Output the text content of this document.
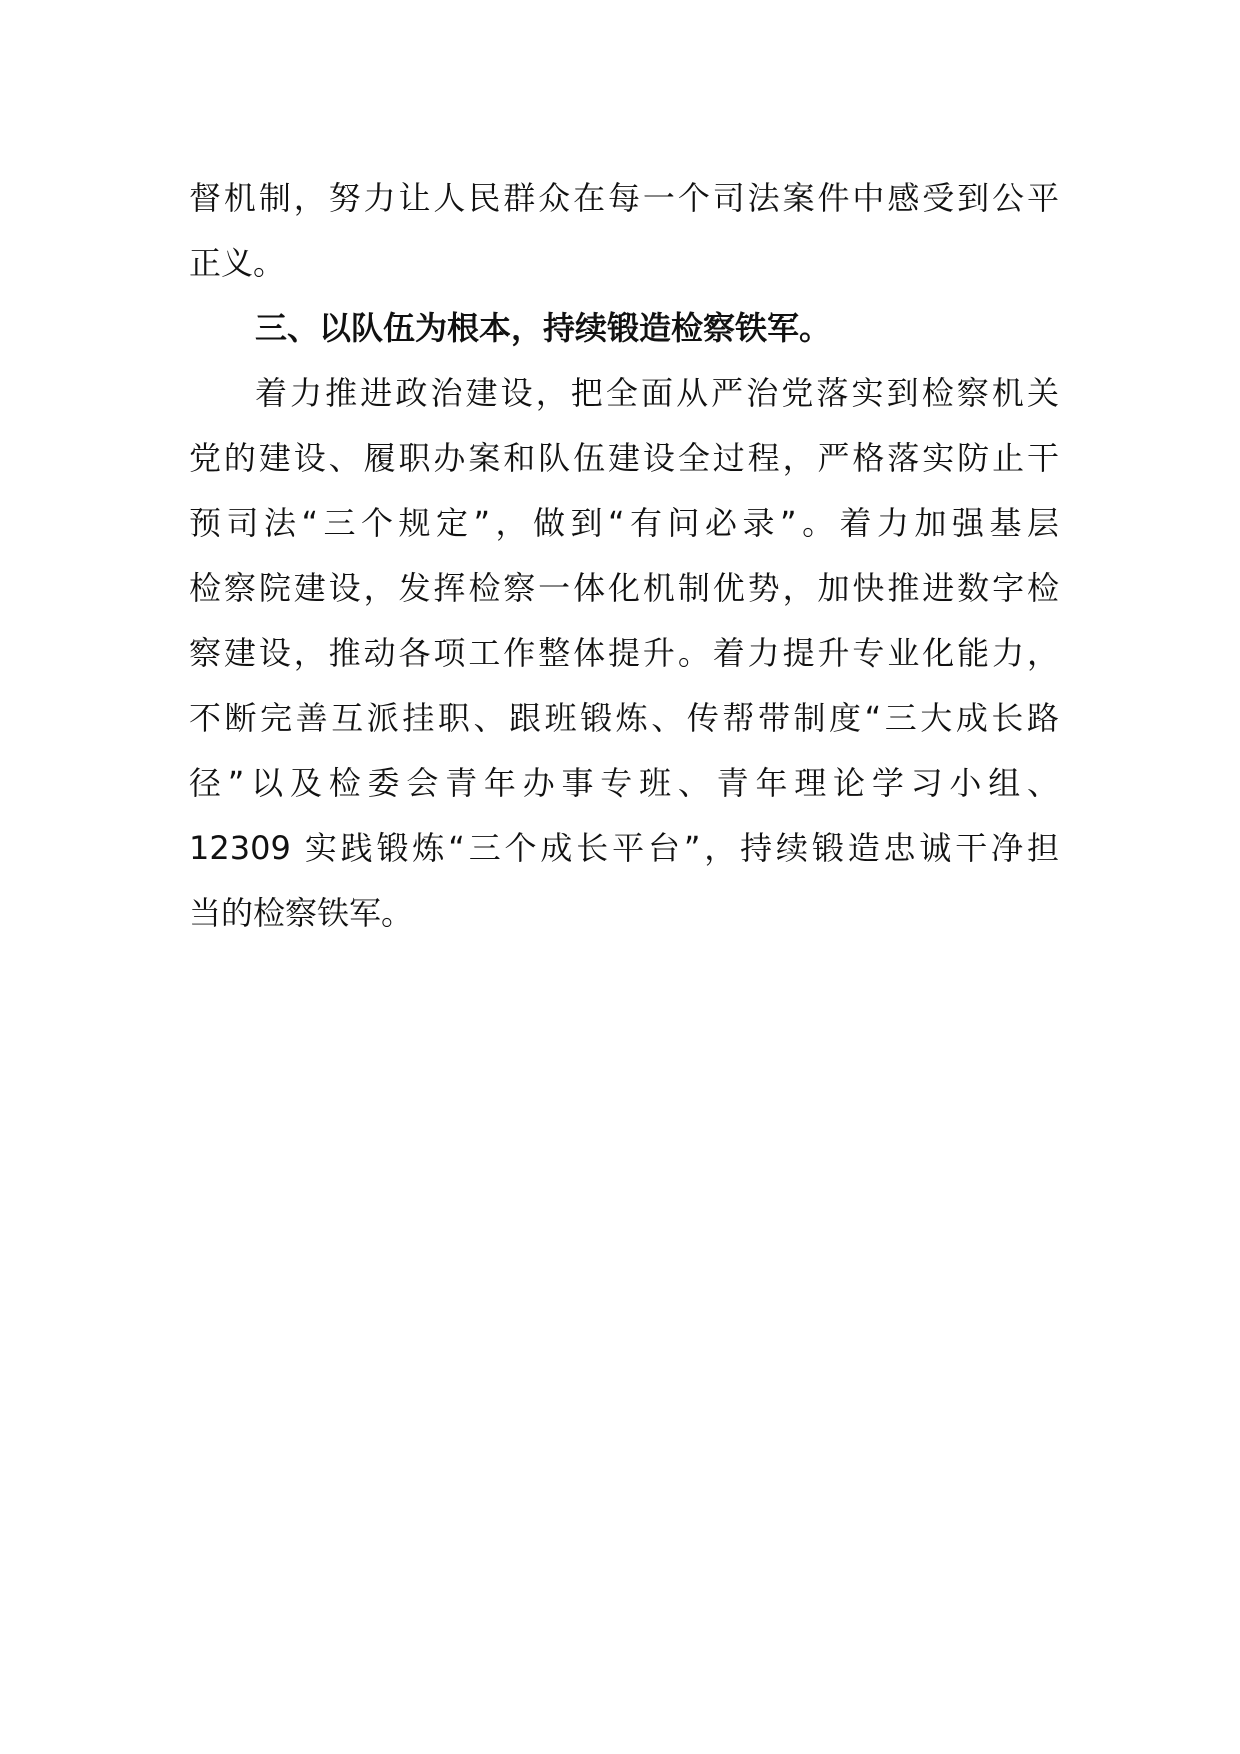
督机制，努力让人民群众在每一个司法案件中感受到公平
正义。
三、以队伍为根本，持续锻造检察铁军。
着力推进政治建设，把全面从严治党落实到检察机关
党的建设、履职办案和队伍建设全过程，严格落实防止干
预司法“三个规定”，做到“有问必录”。着力加强基层
检察院建设，发挥检察一体化机制优势，加快推进数字检
察建设，推动各项工作整体提升。着力提升专业化能力，
不断完善互派挂职、跟班锻炼、传帮带制度“三大成长路
径”以及检委会青年办事专班、青年理论学习小组、
12309 实践锻炼“三个成长平台”，持续锻造忠诚干净担
当的检察铁军。
